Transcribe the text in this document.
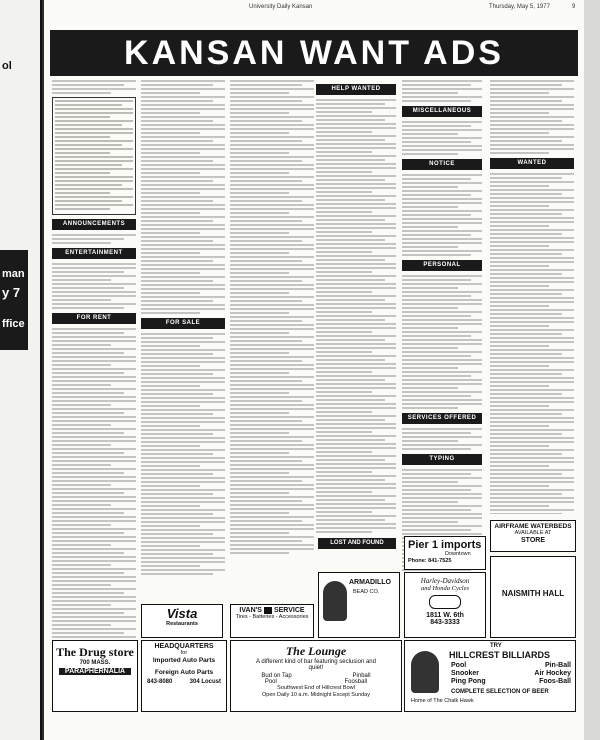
ol
man
y 7
ffice
University Daily Kansan	Thursday, May 5, 1977	9
KANSAN WANT ADS
ANNOUNCEMENTS
ENTERTAINMENT
FOR RENT
FOR SALE
HELP WANTED
MISCELLANEOUS
NOTICE
PERSONAL
SERVICES OFFERED
TYPING
WANTED
AIRFRAME WATERBEDS
AVAILABLE AT
STORE
LOST AND FOUND	Pier 1 imports
Downtown
Phone: 841-7525
ARMADILLO
BEAD CO.
Harley-Davidson
and Honda Cycles
1811 W. 6th
843-3333
NAISMITH HALL
Vista
Restaurants
IVAN'S SERVICE
Tires - Batteries - Accessories
The Drug store
700 MASS.
PARAPHERNALIA
HEADQUARTERS
for
Imported Auto Parts
Foreign Auto Parts
843-8080	304 Locust
The Lounge
A different kind of bar featuring seclusion and quiet!
Bud on Tap	Pinball
Pool	Foosball
Southwest End of Hillcrest Bowl
Open Daily 10 a.m. Midnight Except Sunday
TRY
HILLCREST BILLIARDS
Pool	Pin-Ball
Snooker	Air Hockey
Ping Pong	Foos-Ball
COMPLETE SELECTION OF BEER
Home of The Chalk Hawk
